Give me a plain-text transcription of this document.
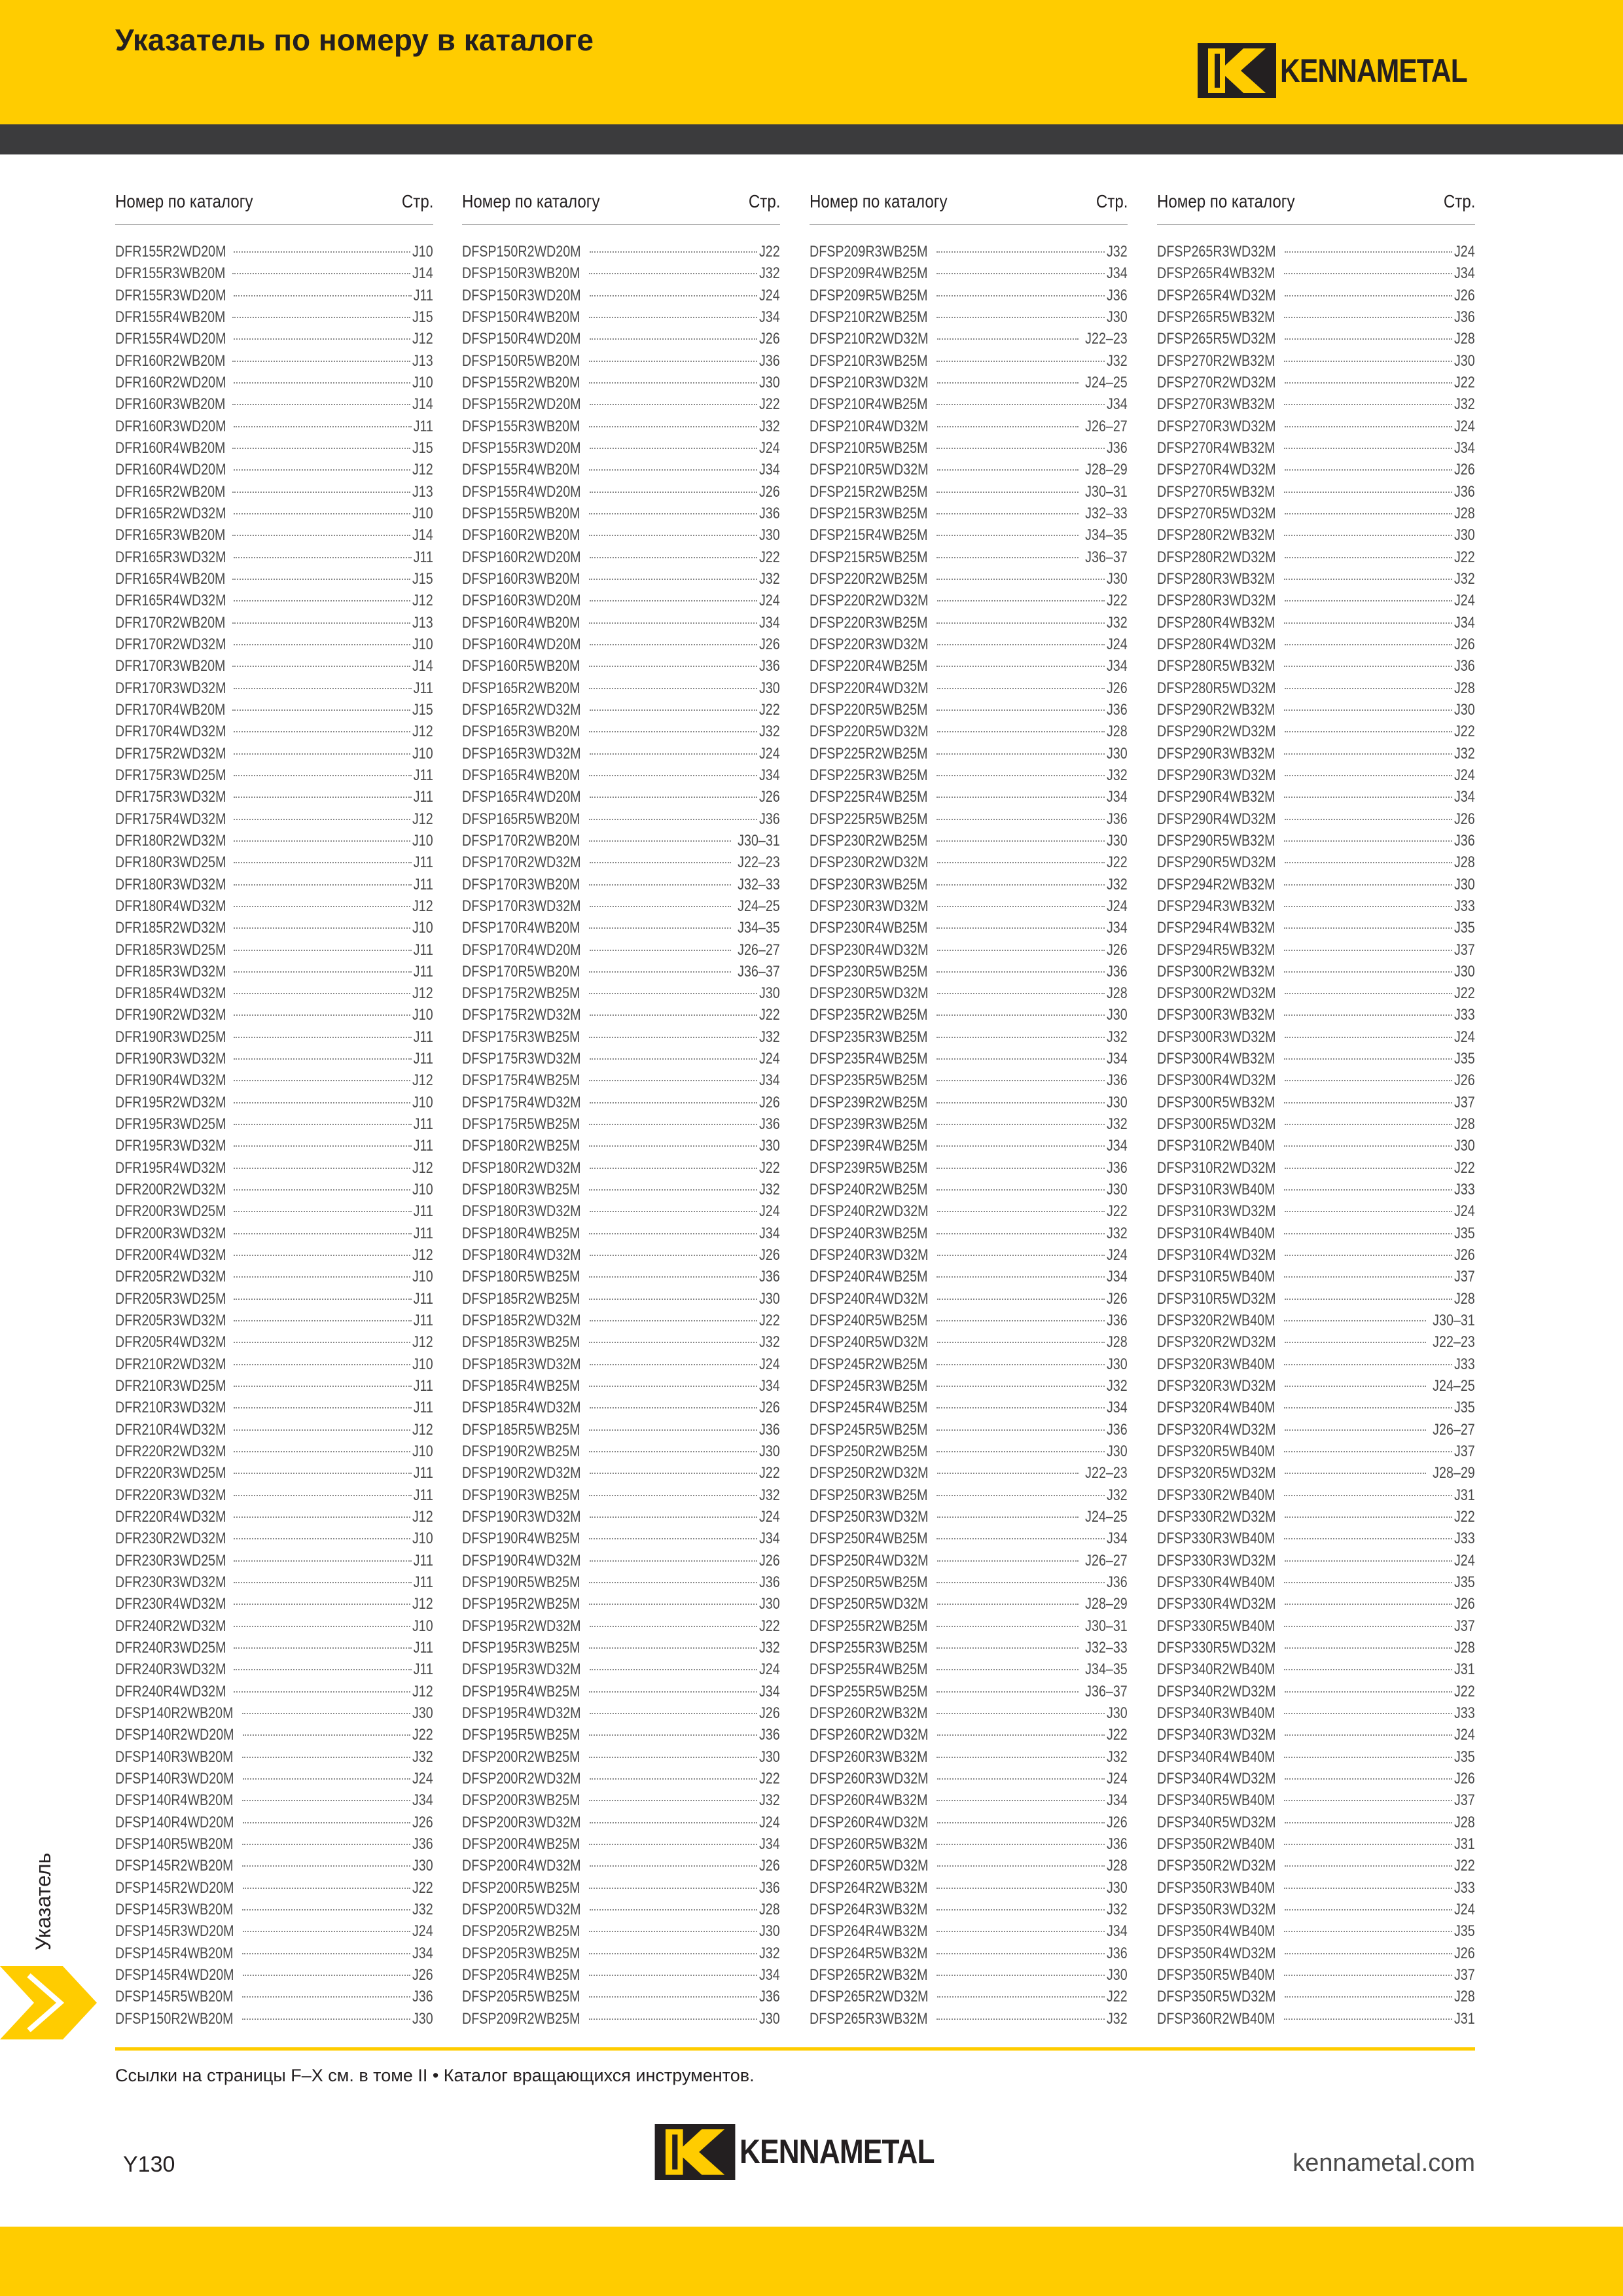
Указатель по номеру в каталоге
KENNAMETAL
Номер по каталогу	Стр.
DFR155R2WD20M	J10
DFR155R3WB20M	J14
DFR155R3WD20M	J11
DFR155R4WB20M	J15
DFR155R4WD20M	J12
DFR160R2WB20M	J13
DFR160R2WD20M	J10
DFR160R3WB20M	J14
DFR160R3WD20M	J11
DFR160R4WB20M	J15
DFR160R4WD20M	J12
DFR165R2WB20M	J13
DFR165R2WD32M	J10
DFR165R3WB20M	J14
DFR165R3WD32M	J11
DFR165R4WB20M	J15
DFR165R4WD32M	J12
DFR170R2WB20M	J13
DFR170R2WD32M	J10
DFR170R3WB20M	J14
DFR170R3WD32M	J11
DFR170R4WB20M	J15
DFR170R4WD32M	J12
DFR175R2WD32M	J10
DFR175R3WD25M	J11
DFR175R3WD32M	J11
DFR175R4WD32M	J12
DFR180R2WD32M	J10
DFR180R3WD25M	J11
DFR180R3WD32M	J11
DFR180R4WD32M	J12
DFR185R2WD32M	J10
DFR185R3WD25M	J11
DFR185R3WD32M	J11
DFR185R4WD32M	J12
DFR190R2WD32M	J10
DFR190R3WD25M	J11
DFR190R3WD32M	J11
DFR190R4WD32M	J12
DFR195R2WD32M	J10
DFR195R3WD25M	J11
DFR195R3WD32M	J11
DFR195R4WD32M	J12
DFR200R2WD32M	J10
DFR200R3WD25M	J11
DFR200R3WD32M	J11
DFR200R4WD32M	J12
DFR205R2WD32M	J10
DFR205R3WD25M	J11
DFR205R3WD32M	J11
DFR205R4WD32M	J12
DFR210R2WD32M	J10
DFR210R3WD25M	J11
DFR210R3WD32M	J11
DFR210R4WD32M	J12
DFR220R2WD32M	J10
DFR220R3WD25M	J11
DFR220R3WD32M	J11
DFR220R4WD32M	J12
DFR230R2WD32M	J10
DFR230R3WD25M	J11
DFR230R3WD32M	J11
DFR230R4WD32M	J12
DFR240R2WD32M	J10
DFR240R3WD25M	J11
DFR240R3WD32M	J11
DFR240R4WD32M	J12
DFSP140R2WB20M	J30
DFSP140R2WD20M	J22
DFSP140R3WB20M	J32
DFSP140R3WD20M	J24
DFSP140R4WB20M	J34
DFSP140R4WD20M	J26
DFSP140R5WB20M	J36
DFSP145R2WB20M	J30
DFSP145R2WD20M	J22
DFSP145R3WB20M	J32
DFSP145R3WD20M	J24
DFSP145R4WB20M	J34
DFSP145R4WD20M	J26
DFSP145R5WB20M	J36
DFSP150R2WB20M	J30
Номер по каталогу	Стр.
DFSP150R2WD20M	J22
DFSP150R3WB20M	J32
DFSP150R3WD20M	J24
DFSP150R4WB20M	J34
DFSP150R4WD20M	J26
DFSP150R5WB20M	J36
DFSP155R2WB20M	J30
DFSP155R2WD20M	J22
DFSP155R3WB20M	J32
DFSP155R3WD20M	J24
DFSP155R4WB20M	J34
DFSP155R4WD20M	J26
DFSP155R5WB20M	J36
DFSP160R2WB20M	J30
DFSP160R2WD20M	J22
DFSP160R3WB20M	J32
DFSP160R3WD20M	J24
DFSP160R4WB20M	J34
DFSP160R4WD20M	J26
DFSP160R5WB20M	J36
DFSP165R2WB20M	J30
DFSP165R2WD32M	J22
DFSP165R3WB20M	J32
DFSP165R3WD32M	J24
DFSP165R4WB20M	J34
DFSP165R4WD20M	J26
DFSP165R5WB20M	J36
DFSP170R2WB20M	J30–31
DFSP170R2WD32M	J22–23
DFSP170R3WB20M	J32–33
DFSP170R3WD32M	J24–25
DFSP170R4WB20M	J34–35
DFSP170R4WD20M	J26–27
DFSP170R5WB20M	J36–37
DFSP175R2WB25M	J30
DFSP175R2WD32M	J22
DFSP175R3WB25M	J32
DFSP175R3WD32M	J24
DFSP175R4WB25M	J34
DFSP175R4WD32M	J26
DFSP175R5WB25M	J36
DFSP180R2WB25M	J30
DFSP180R2WD32M	J22
DFSP180R3WB25M	J32
DFSP180R3WD32M	J24
DFSP180R4WB25M	J34
DFSP180R4WD32M	J26
DFSP180R5WB25M	J36
DFSP185R2WB25M	J30
DFSP185R2WD32M	J22
DFSP185R3WB25M	J32
DFSP185R3WD32M	J24
DFSP185R4WB25M	J34
DFSP185R4WD32M	J26
DFSP185R5WB25M	J36
DFSP190R2WB25M	J30
DFSP190R2WD32M	J22
DFSP190R3WB25M	J32
DFSP190R3WD32M	J24
DFSP190R4WB25M	J34
DFSP190R4WD32M	J26
DFSP190R5WB25M	J36
DFSP195R2WB25M	J30
DFSP195R2WD32M	J22
DFSP195R3WB25M	J32
DFSP195R3WD32M	J24
DFSP195R4WB25M	J34
DFSP195R4WD32M	J26
DFSP195R5WB25M	J36
DFSP200R2WB25M	J30
DFSP200R2WD32M	J22
DFSP200R3WB25M	J32
DFSP200R3WD32M	J24
DFSP200R4WB25M	J34
DFSP200R4WD32M	J26
DFSP200R5WB25M	J36
DFSP200R5WD32M	J28
DFSP205R2WB25M	J30
DFSP205R3WB25M	J32
DFSP205R4WB25M	J34
DFSP205R5WB25M	J36
DFSP209R2WB25M	J30
Номер по каталогу	Стр.
DFSP209R3WB25M	J32
DFSP209R4WB25M	J34
DFSP209R5WB25M	J36
DFSP210R2WB25M	J30
DFSP210R2WD32M	J22–23
DFSP210R3WB25M	J32
DFSP210R3WD32M	J24–25
DFSP210R4WB25M	J34
DFSP210R4WD32M	J26–27
DFSP210R5WB25M	J36
DFSP210R5WD32M	J28–29
DFSP215R2WB25M	J30–31
DFSP215R3WB25M	J32–33
DFSP215R4WB25M	J34–35
DFSP215R5WB25M	J36–37
DFSP220R2WB25M	J30
DFSP220R2WD32M	J22
DFSP220R3WB25M	J32
DFSP220R3WD32M	J24
DFSP220R4WB25M	J34
DFSP220R4WD32M	J26
DFSP220R5WB25M	J36
DFSP220R5WD32M	J28
DFSP225R2WB25M	J30
DFSP225R3WB25M	J32
DFSP225R4WB25M	J34
DFSP225R5WB25M	J36
DFSP230R2WB25M	J30
DFSP230R2WD32M	J22
DFSP230R3WB25M	J32
DFSP230R3WD32M	J24
DFSP230R4WB25M	J34
DFSP230R4WD32M	J26
DFSP230R5WB25M	J36
DFSP230R5WD32M	J28
DFSP235R2WB25M	J30
DFSP235R3WB25M	J32
DFSP235R4WB25M	J34
DFSP235R5WB25M	J36
DFSP239R2WB25M	J30
DFSP239R3WB25M	J32
DFSP239R4WB25M	J34
DFSP239R5WB25M	J36
DFSP240R2WB25M	J30
DFSP240R2WD32M	J22
DFSP240R3WB25M	J32
DFSP240R3WD32M	J24
DFSP240R4WB25M	J34
DFSP240R4WD32M	J26
DFSP240R5WB25M	J36
DFSP240R5WD32M	J28
DFSP245R2WB25M	J30
DFSP245R3WB25M	J32
DFSP245R4WB25M	J34
DFSP245R5WB25M	J36
DFSP250R2WB25M	J30
DFSP250R2WD32M	J22–23
DFSP250R3WB25M	J32
DFSP250R3WD32M	J24–25
DFSP250R4WB25M	J34
DFSP250R4WD32M	J26–27
DFSP250R5WB25M	J36
DFSP250R5WD32M	J28–29
DFSP255R2WB25M	J30–31
DFSP255R3WB25M	J32–33
DFSP255R4WB25M	J34–35
DFSP255R5WB25M	J36–37
DFSP260R2WB32M	J30
DFSP260R2WD32M	J22
DFSP260R3WB32M	J32
DFSP260R3WD32M	J24
DFSP260R4WB32M	J34
DFSP260R4WD32M	J26
DFSP260R5WB32M	J36
DFSP260R5WD32M	J28
DFSP264R2WB32M	J30
DFSP264R3WB32M	J32
DFSP264R4WB32M	J34
DFSP264R5WB32M	J36
DFSP265R2WB32M	J30
DFSP265R2WD32M	J22
DFSP265R3WB32M	J32
Номер по каталогу	Стр.
DFSP265R3WD32M	J24
DFSP265R4WB32M	J34
DFSP265R4WD32M	J26
DFSP265R5WB32M	J36
DFSP265R5WD32M	J28
DFSP270R2WB32M	J30
DFSP270R2WD32M	J22
DFSP270R3WB32M	J32
DFSP270R3WD32M	J24
DFSP270R4WB32M	J34
DFSP270R4WD32M	J26
DFSP270R5WB32M	J36
DFSP270R5WD32M	J28
DFSP280R2WB32M	J30
DFSP280R2WD32M	J22
DFSP280R3WB32M	J32
DFSP280R3WD32M	J24
DFSP280R4WB32M	J34
DFSP280R4WD32M	J26
DFSP280R5WB32M	J36
DFSP280R5WD32M	J28
DFSP290R2WB32M	J30
DFSP290R2WD32M	J22
DFSP290R3WB32M	J32
DFSP290R3WD32M	J24
DFSP290R4WB32M	J34
DFSP290R4WD32M	J26
DFSP290R5WB32M	J36
DFSP290R5WD32M	J28
DFSP294R2WB32M	J30
DFSP294R3WB32M	J33
DFSP294R4WB32M	J35
DFSP294R5WB32M	J37
DFSP300R2WB32M	J30
DFSP300R2WD32M	J22
DFSP300R3WB32M	J33
DFSP300R3WD32M	J24
DFSP300R4WB32M	J35
DFSP300R4WD32M	J26
DFSP300R5WB32M	J37
DFSP300R5WD32M	J28
DFSP310R2WB40M	J30
DFSP310R2WD32M	J22
DFSP310R3WB40M	J33
DFSP310R3WD32M	J24
DFSP310R4WB40M	J35
DFSP310R4WD32M	J26
DFSP310R5WB40M	J37
DFSP310R5WD32M	J28
DFSP320R2WB40M	J30–31
DFSP320R2WD32M	J22–23
DFSP320R3WB40M	J33
DFSP320R3WD32M	J24–25
DFSP320R4WB40M	J35
DFSP320R4WD32M	J26–27
DFSP320R5WB40M	J37
DFSP320R5WD32M	J28–29
DFSP330R2WB40M	J31
DFSP330R2WD32M	J22
DFSP330R3WB40M	J33
DFSP330R3WD32M	J24
DFSP330R4WB40M	J35
DFSP330R4WD32M	J26
DFSP330R5WB40M	J37
DFSP330R5WD32M	J28
DFSP340R2WB40M	J31
DFSP340R2WD32M	J22
DFSP340R3WB40M	J33
DFSP340R3WD32M	J24
DFSP340R4WB40M	J35
DFSP340R4WD32M	J26
DFSP340R5WB40M	J37
DFSP340R5WD32M	J28
DFSP350R2WB40M	J31
DFSP350R2WD32M	J22
DFSP350R3WB40M	J33
DFSP350R3WD32M	J24
DFSP350R4WB40M	J35
DFSP350R4WD32M	J26
DFSP350R5WB40M	J37
DFSP350R5WD32M	J28
DFSP360R2WB40M	J31
Указатель
Ссылки на страницы F–X см. в томе II • Каталог вращающихся инструментов.
Y130	KENNAMETAL	kennametal.com
